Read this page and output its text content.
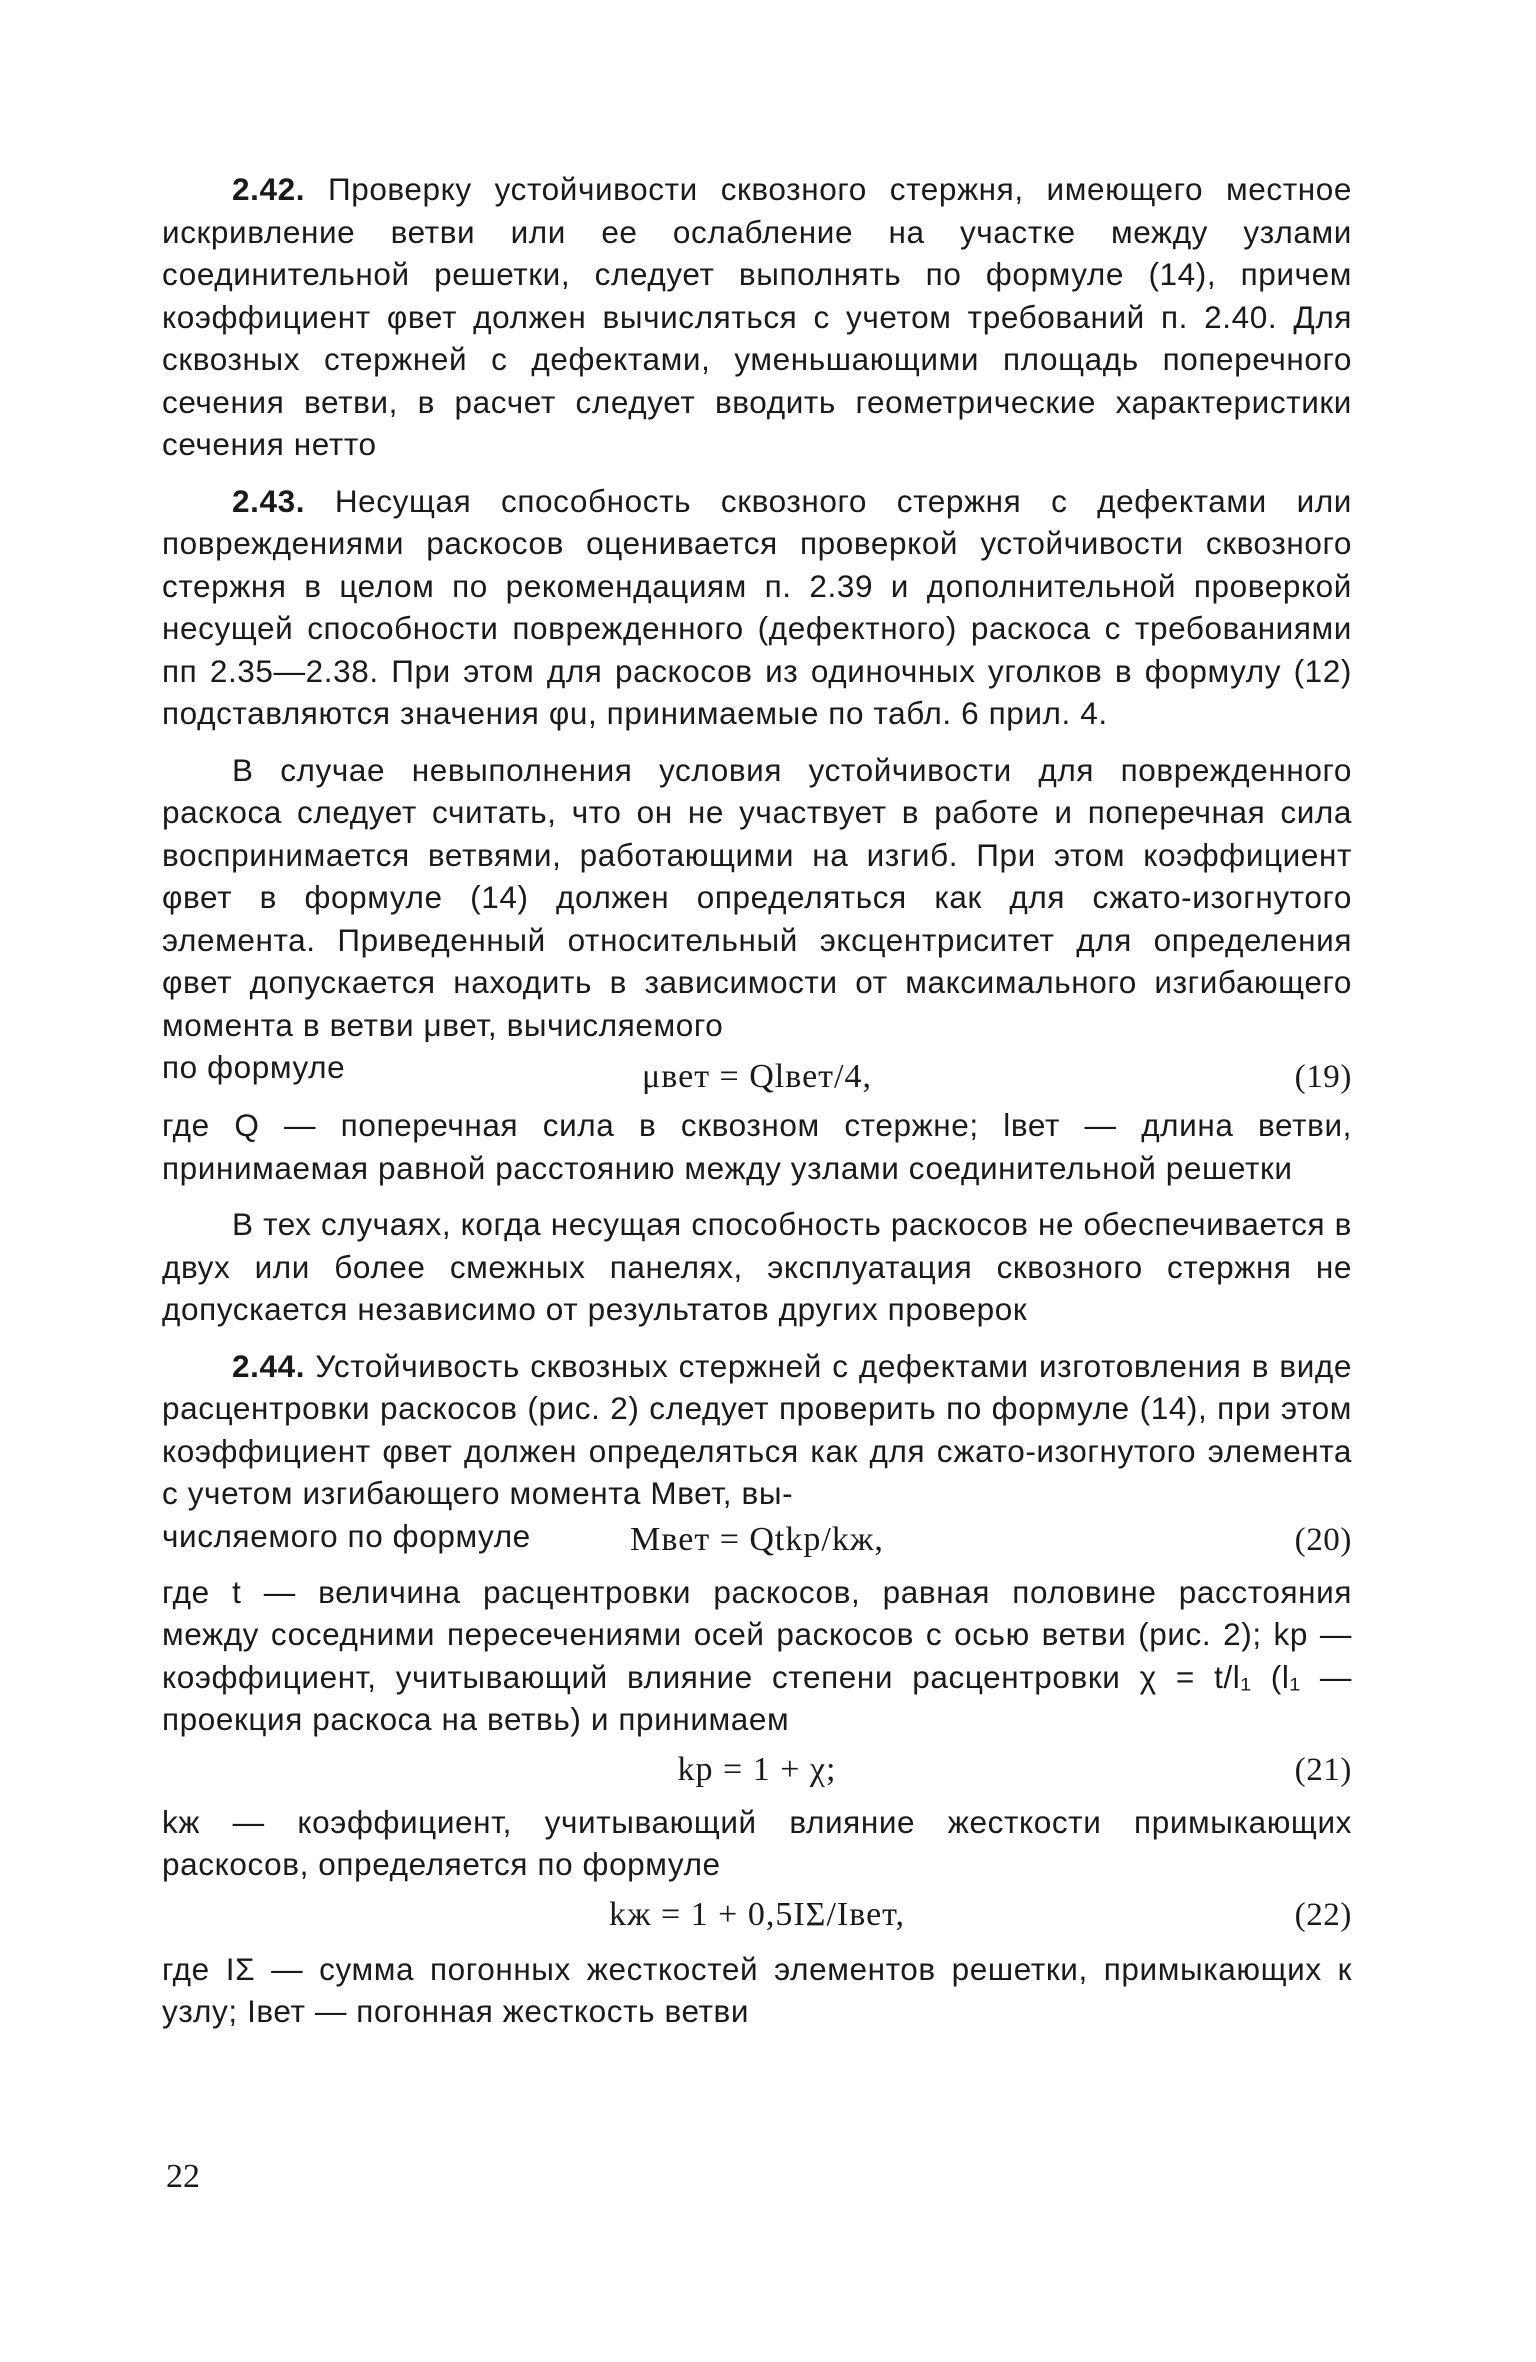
2.42. Проверку устойчивости сквозного стержня, имеющего местное искривление ветви или ее ослабление на участке между узлами соединительной решетки, следует выполнять по формуле (14), причем коэффициент φвет должен вычисляться с учетом требований п. 2.40. Для сквозных стержней с дефектами, уменьшающими площадь поперечного сечения ветви, в расчет следует вводить геометрические характеристики сечения нетто

2.43. Несущая способность сквозного стержня с дефектами или повреждениями раскосов оценивается проверкой устойчивости сквозного стержня в целом по рекомендациям п. 2.39 и дополнительной проверкой несущей способности поврежденного (дефектного) раскоса с требованиями пп 2.35—2.38. При этом для раскосов из одиночных уголков в формулу (12) подставляются значения φu, принимаемые по табл. 6 прил. 4.

В случае невыполнения условия устойчивости для поврежденного раскоса следует считать, что он не участвует в работе и поперечная сила воспринимается ветвями, работающими на изгиб. При этом коэффициент φвет в формуле (14) должен определяться как для сжато-изогнутого элемента. Приведенный относительный эксцентриситет для определения φвет допускается находить в зависимости от максимального изгибающего момента в ветви μвет, вычисляемого

по формуле	μвет = Qlвет/4,	(19)

где Q — поперечная сила в сквозном стержне; lвет — длина ветви, принимаемая равной расстоянию между узлами соединительной решетки

В тех случаях, когда несущая способность раскосов не обеспечивается в двух или более смежных панелях, эксплуатация сквозного стержня не допускается независимо от результатов других проверок

2.44. Устойчивость сквозных стержней с дефектами изготовления в виде расцентровки раскосов (рис. 2) следует проверить по формуле (14), при этом коэффициент φвет должен определяться как для сжато-изогнутого элемента с учетом изгибающего момента Mвет, вы-

числяемого по формуле	Mвет = Qtkр/kж,	(20)

где t — величина расцентровки раскосов, равная половине расстояния между соседними пересечениями осей раскосов с осью ветви (рис. 2); kр — коэффициент, учитывающий влияние степени расцентровки χ = t/l₁ (l₁ — проекция раскоса на ветвь) и принимаем

kр = 1 + χ;	(21)

kж — коэффициент, учитывающий влияние жесткости примыкающих раскосов, определяется по формуле

kж = 1 + 0,5IΣ/Iвет,	(22)

где IΣ — сумма погонных жесткостей элементов решетки, примыкающих к узлу; Iвет — погонная жесткость ветви

22
